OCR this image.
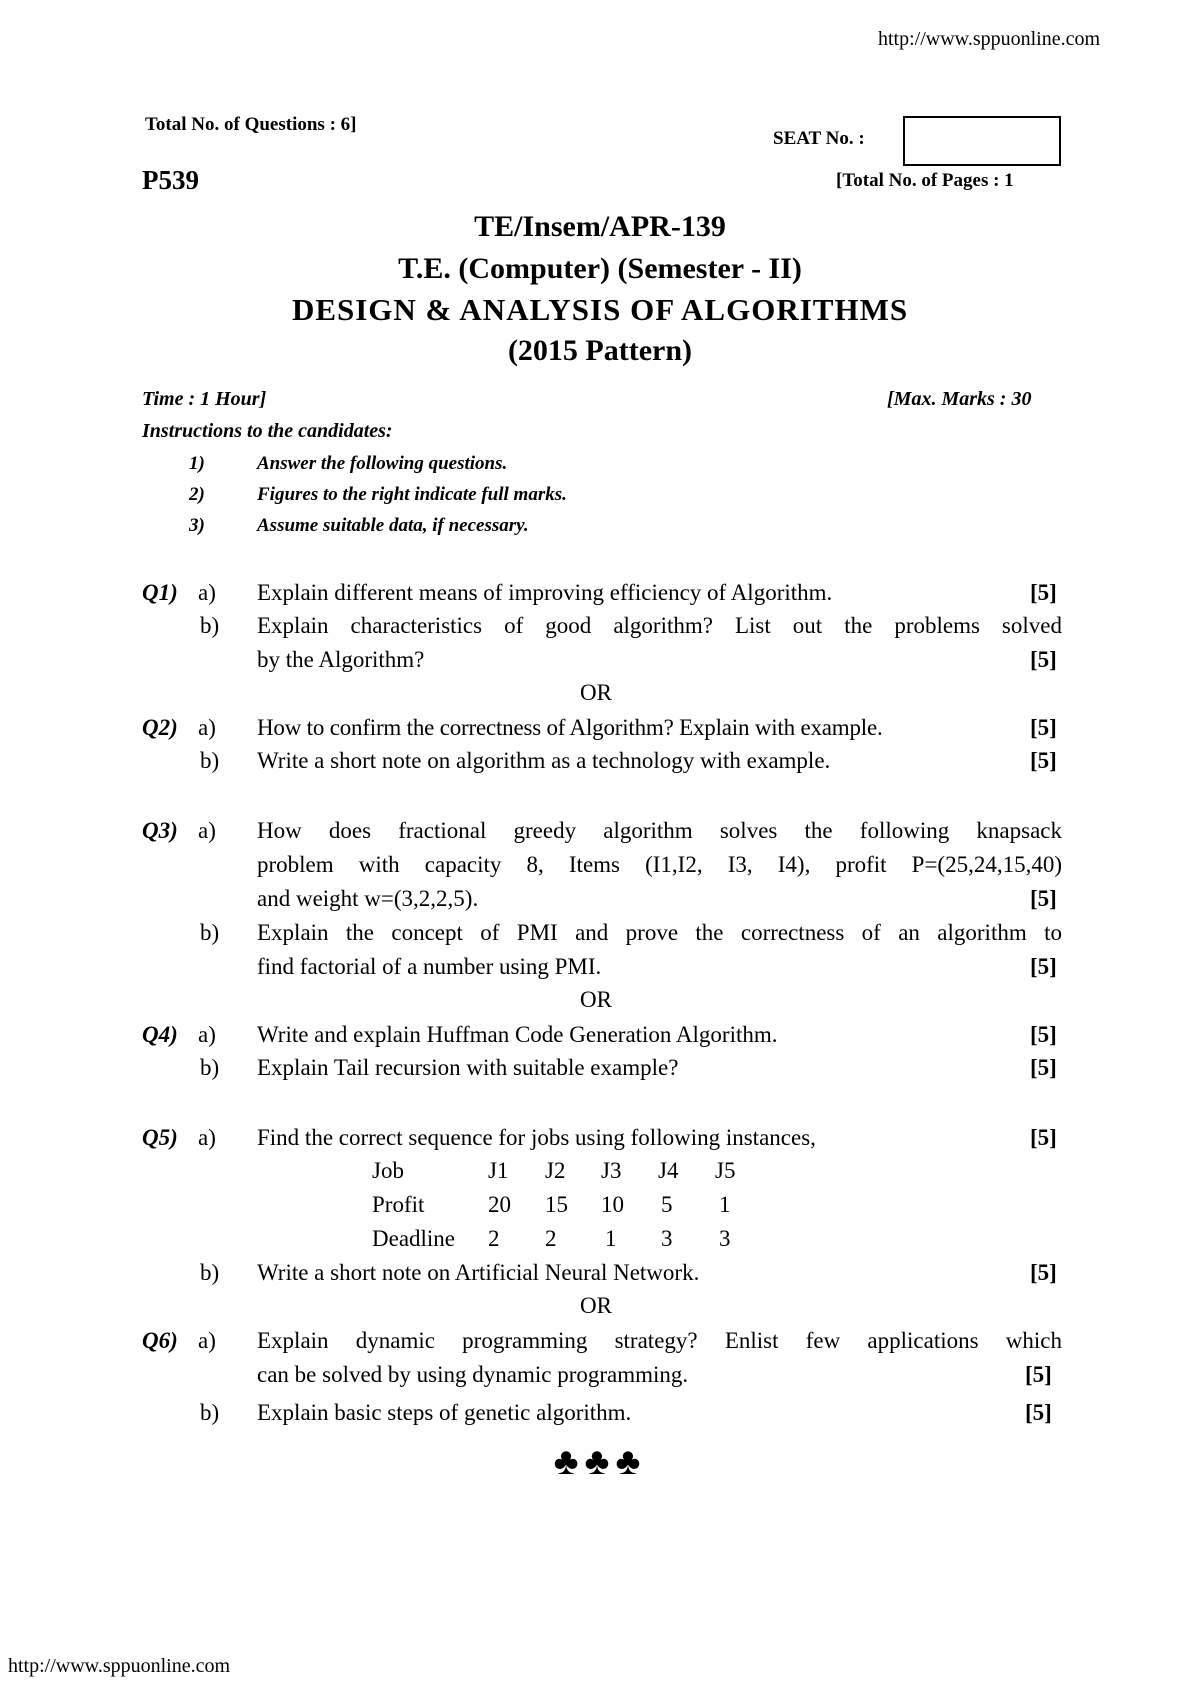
http://www.sppuonline.com
Total No. of Questions : 6]
SEAT No. :
P539	[Total No. of Pages : 1
TE/Insem/APR-139
T.E. (Computer) (Semester - II)
DESIGN & ANALYSIS OF ALGORITHMS
(2015 Pattern)
Time : 1 Hour]	[Max. Marks : 30
Instructions to the candidates:
1)	Answer the following questions.
2)	Figures to the right indicate full marks.
3)	Assume suitable data, if necessary.
Q1) a) Explain different means of improving efficiency of Algorithm.	[5]
b) Explain characteristics of good algorithm? List out the problems solved
by the Algorithm?	[5]
OR
Q2) a) How to confirm the correctness of Algorithm? Explain with example.	[5]
b) Write a short note on algorithm as a technology with example.	[5]
Q3) a) How does fractional greedy algorithm solves the following knapsack
problem with capacity 8, Items (I1,I2, I3, I4), profit P=(25,24,15,40)
and weight w=(3,2,2,5).	[5]
b) Explain the concept of PMI and prove the correctness of an algorithm to
find factorial of a number using PMI.	[5]
OR
Q4) a) Write and explain Huffman Code Generation Algorithm.	[5]
b) Explain Tail recursion with suitable example?	[5]
Q5) a) Find the correct sequence for jobs using following instances,	[5]
Job	J1 J2 J3 J4 J5
Profit	20 15 10 5 1
Deadline 2 2 1 3 3
b) Write a short note on Artificial Neural Network.	[5]
OR
Q6) a) Explain dynamic programming strategy? Enlist few applications which
can be solved by using dynamic programming.	[5]
b) Explain basic steps of genetic algorithm.	[5]
♣♣♣
http://www.sppuonline.com
